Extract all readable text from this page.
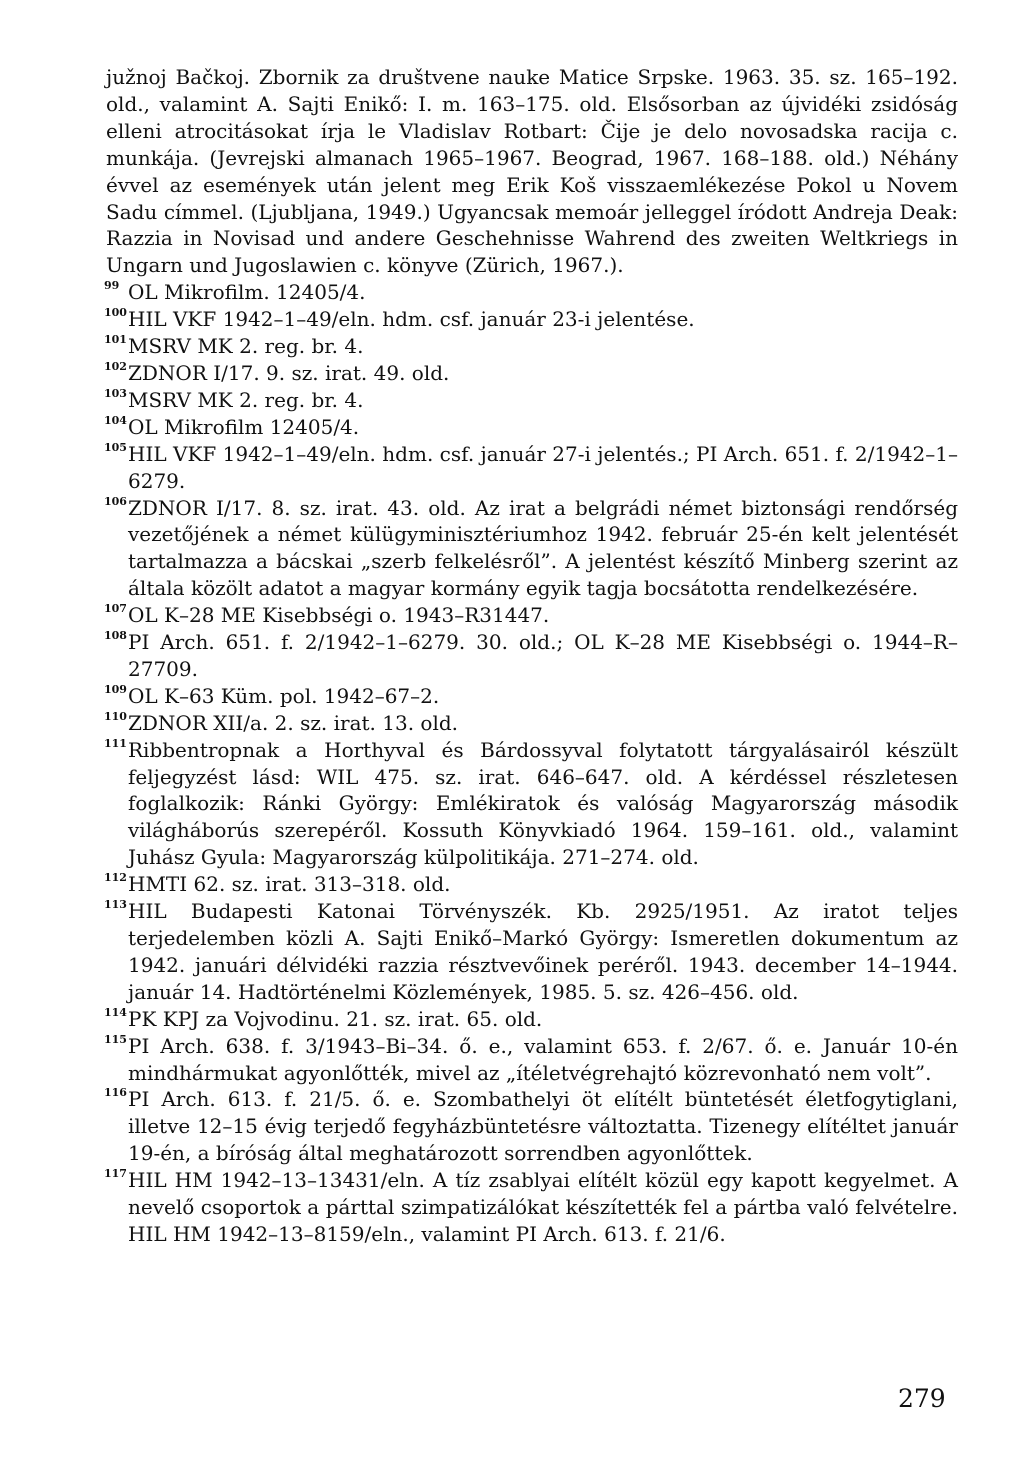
južnoj Bačkoj. Zbornik za društvene nauke Matice Srpske. 1963. 35. sz. 165–192. old., valamint A. Sajti Enikő: I. m. 163–175. old. Elsősorban az újvidéki zsidóság elleni atrocitásokat írja le Vladislav Rotbart: Čije je delo novosadska racija c. munkája. (Jevrejski almanach 1965–1967. Beograd, 1967. 168–188. old.) Néhány évvel az események után jelent meg Erik Koš visszaemlékezése Pokol u Novem Sadu címmel. (Ljubljana, 1949.) Ugyancsak memoár jelleggel íródott Andreja Deak: Razzia in Novisad und andere Geschehnisse Wahrend des zweiten Weltkriegs in Ungarn und Jugoslawien c. könyve (Zürich, 1967.).

99 OL Mikrofilm. 12405/4.

100 HIL VKF 1942–1–49/eln. hdm. csf. január 23-i jelentése.

101 MSRV MK 2. reg. br. 4.

102 ZDNOR I/17. 9. sz. irat. 49. old.

103 MSRV MK 2. reg. br. 4.

104 OL Mikrofilm 12405/4.

105 HIL VKF 1942–1–49/eln. hdm. csf. január 27-i jelentés.; PI Arch. 651. f. 2/1942–1–6279.

106 ZDNOR I/17. 8. sz. irat. 43. old. Az irat a belgrádi német biztonsági rendőrség vezetőjének a német külügyminisztériumhoz 1942. február 25-én kelt jelentését tartalmazza a bácskai „szerb felkelésről”. A jelentést készítő Minberg szerint az általa közölt adatot a magyar kormány egyik tagja bocsátotta rendelkezésére.

107 OL K–28 ME Kisebbségi o. 1943–R31447.

108 PI Arch. 651. f. 2/1942–1–6279. 30. old.; OL K–28 ME Kisebbségi o. 1944–R–27709.

109 OL K–63 Küm. pol. 1942–67–2.

110 ZDNOR XII/a. 2. sz. irat. 13. old.

111 Ribbentropnak a Horthyval és Bárdossyval folytatott tárgyalásairól készült feljegyzést lásd: WIL 475. sz. irat. 646–647. old. A kérdéssel részletesen foglalkozik: Ránki György: Emlékiratok és valóság Magyarország második világháborús szerepéről. Kossuth Könyvkiadó 1964. 159–161. old., valamint Juhász Gyula: Magyarország külpolitikája. 271–274. old.

112 HMTI 62. sz. irat. 313–318. old.

113 HIL Budapesti Katonai Törvényszék. Kb. 2925/1951. Az iratot teljes terjedelemben közli A. Sajti Enikő–Markó György: Ismeretlen dokumentum az 1942. januári délvidéki razzia résztvevőinek peréről. 1943. december 14–1944. január 14. Hadtörténelmi Közlemények, 1985. 5. sz. 426–456. old.

114 PK KPJ za Vojvodinu. 21. sz. irat. 65. old.

115 PI Arch. 638. f. 3/1943–Bi–34. ő. e., valamint 653. f. 2/67. ő. e. Január 10-én mindhármukat agyonlőtték, mivel az „ítéletvégrehajtó közrevonható nem volt”.

116 PI Arch. 613. f. 21/5. ő. e. Szombathelyi öt elítélt büntetését életfogytiglani, illetve 12–15 évig terjedő fegyházbüntetésre változtatta. Tizenegy elítéltet január 19-én, a bíróság által meghatározott sorrendben agyonlőttek.

117 HIL HM 1942–13–13431/eln. A tíz zsablyai elítélt közül egy kapott kegyelmet. A nevelő csoportok a párttal szimpatizálókat készítették fel a pártba való felvételre. HIL HM 1942–13–8159/eln., valamint PI Arch. 613. f. 21/6.

279
